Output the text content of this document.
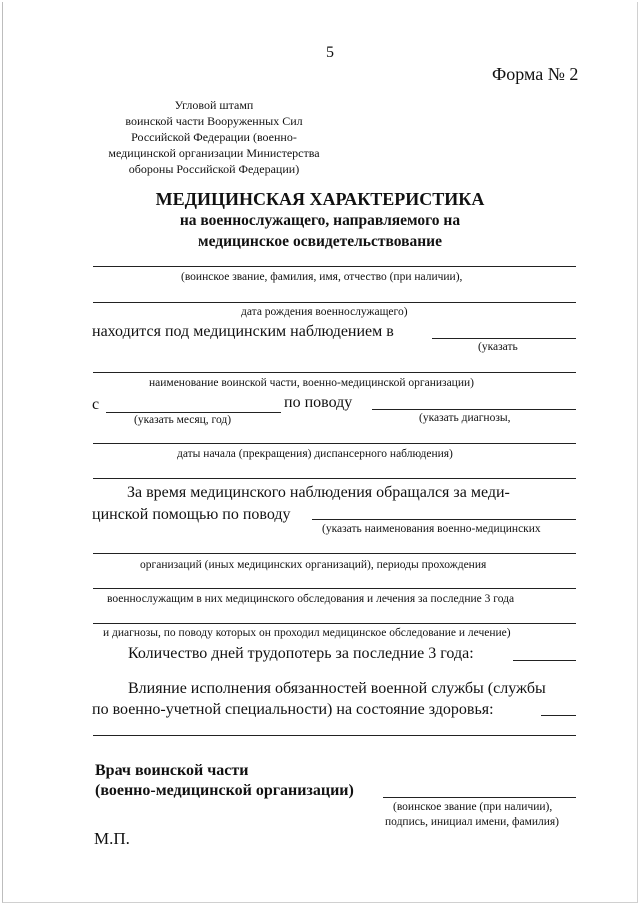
5
Форма № 2
Угловой штамп
воинской части Вооруженных Сил
Российской Федерации (военно-
медицинской организации Министерства
обороны Российской Федерации)
МЕДИЦИНСКАЯ ХАРАКТЕРИСТИКА
на военнослужащего, направляемого на
медицинское освидетельствование
(воинское звание, фамилия, имя, отчество (при наличии),
дата рождения военнослужащего)
находится под медицинским наблюдением в
(указать
наименование воинской части, военно-медицинской организации)
с	по поводу
(указать месяц, год)	(указать диагнозы,
даты начала (прекращения) диспансерного наблюдения)
За время медицинского наблюдения обращался за меди-
цинской помощью по поводу
(указать наименования военно-медицинских
организаций (иных медицинских организаций), периоды прохождения
военнослужащим в них медицинского обследования и лечения за последние 3 года
и диагнозы, по поводу которых он проходил медицинское обследование и лечение)
Количество дней трудопотерь за последние 3 года:
Влияние исполнения обязанностей военной службы (службы
по военно-учетной специальности) на состояние здоровья:
Врач воинской части
(военно-медицинской организации)
(воинское звание (при наличии),
подпись, инициал имени, фамилия)
М.П.
